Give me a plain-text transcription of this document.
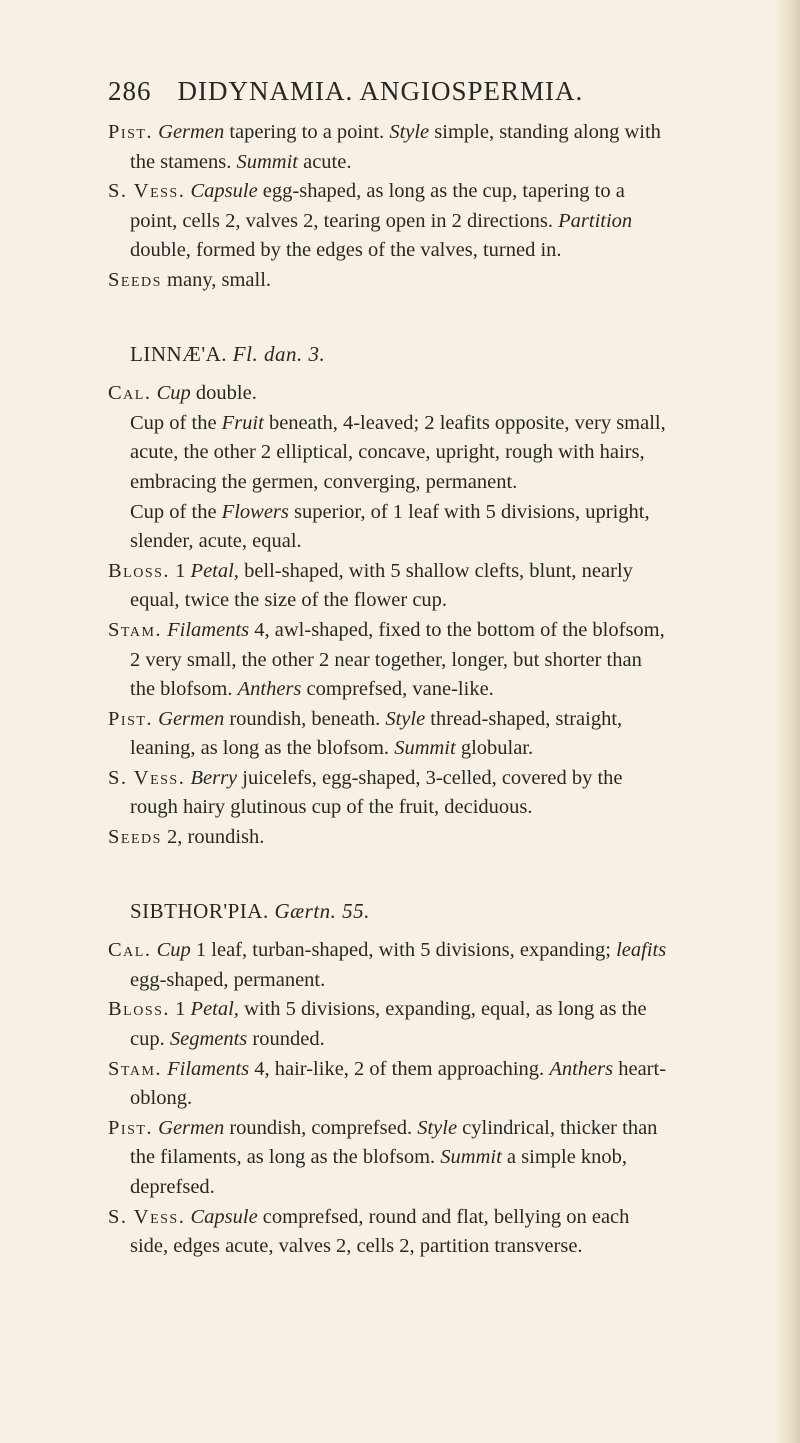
286 DIDYNAMIA. ANGIOSPERMIA.

Pist. Germen tapering to a point. Style simple, standing along with the stamens. Summit acute.

S. Vess. Capsule egg-shaped, as long as the cup, tapering to a point, cells 2, valves 2, tearing open in 2 directions. Partition double, formed by the edges of the valves, turned in.

Seeds many, small.

LINNÆ'A. Fl. dan. 3.

Cal. Cup double.

Cup of the Fruit beneath, 4-leaved; 2 leafits opposite, very small, acute, the other 2 elliptical, concave, upright, rough with hairs, embracing the germen, converging, permanent.

Cup of the Flowers superior, of 1 leaf with 5 divisions, upright, slender, acute, equal.

Bloss. 1 Petal, bell-shaped, with 5 shallow clefts, blunt, nearly equal, twice the size of the flower cup.

Stam. Filaments 4, awl-shaped, fixed to the bottom of the blofsom, 2 very small, the other 2 near together, longer, but shorter than the blofsom. Anthers comprefsed, vane-like.

Pist. Germen roundish, beneath. Style thread-shaped, straight, leaning, as long as the blofsom. Summit globular.

S. Vess. Berry juicelefs, egg-shaped, 3-celled, covered by the rough hairy glutinous cup of the fruit, deciduous.

Seeds 2, roundish.

SIBTHOR'PIA. Gærtn. 55.

Cal. Cup 1 leaf, turban-shaped, with 5 divisions, expanding; leafits egg-shaped, permanent.

Bloss. 1 Petal, with 5 divisions, expanding, equal, as long as the cup. Segments rounded.

Stam. Filaments 4, hair-like, 2 of them approaching. Anthers heart-oblong.

Pist. Germen roundish, comprefsed. Style cylindrical, thicker than the filaments, as long as the blofsom. Summit a simple knob, deprefsed.

S. Vess. Capsule comprefsed, round and flat, bellying on each side, edges acute, valves 2, cells 2, partition transverse.
